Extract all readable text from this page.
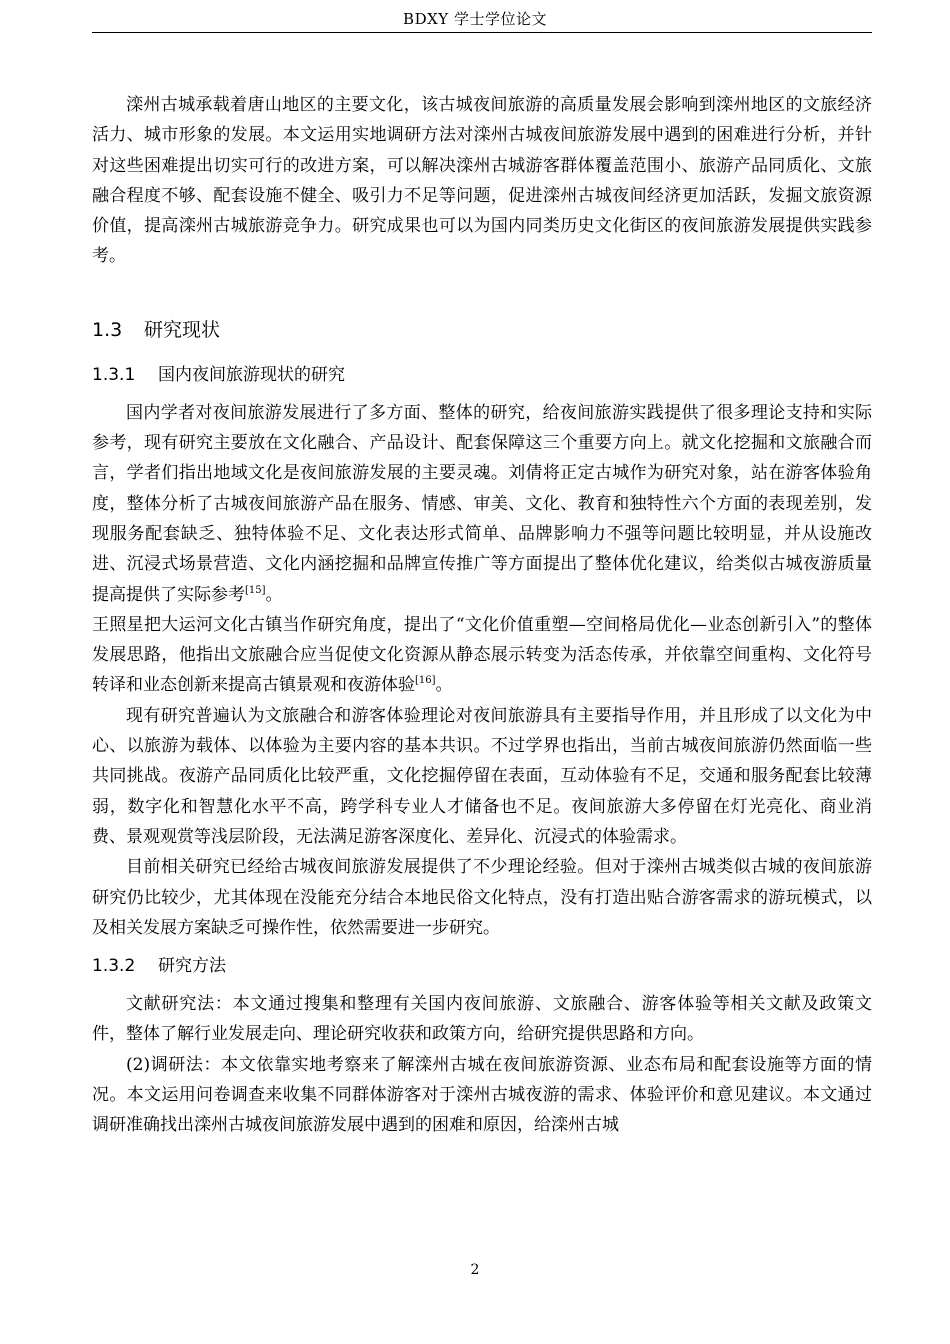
BDXY 学士学位论文

滦州古城承载着唐山地区的主要文化，该古城夜间旅游的高质量发展会影响到滦州地区的文旅经济活力、城市形象的发展。本文运用实地调研方法对滦州古城夜间旅游发展中遇到的困难进行分析，并针对这些困难提出切实可行的改进方案，可以解决滦州古城游客群体覆盖范围小、旅游产品同质化、文旅融合程度不够、配套设施不健全、吸引力不足等问题，促进滦州古城夜间经济更加活跃，发掘文旅资源价值，提高滦州古城旅游竞争力。研究成果也可以为国内同类历史文化街区的夜间旅游发展提供实践参考。

1.3 研究现状
1.3.1 国内夜间旅游现状的研究

国内学者对夜间旅游发展进行了多方面、整体的研究，给夜间旅游实践提供了很多理论支持和实际参考，现有研究主要放在文化融合、产品设计、配套保障这三个重要方向上。就文化挖掘和文旅融合而言，学者们指出地域文化是夜间旅游发展的主要灵魂。刘倩将正定古城作为研究对象，站在游客体验角度，整体分析了古城夜间旅游产品在服务、情感、审美、文化、教育和独特性六个方面的表现差别，发现服务配套缺乏、独特体验不足、文化表达形式简单、品牌影响力不强等问题比较明显，并从设施改进、沉浸式场景营造、文化内涵挖掘和品牌宣传推广等方面提出了整体优化建议，给类似古城夜游质量提高提供了实际参考[15]。

王照星把大运河文化古镇当作研究角度，提出了“文化价值重塑—空间格局优化—业态创新引入”的整体发展思路，他指出文旅融合应当促使文化资源从静态展示转变为活态传承，并依靠空间重构、文化符号转译和业态创新来提高古镇景观和夜游体验[16]。

现有研究普遍认为文旅融合和游客体验理论对夜间旅游具有主要指导作用，并且形成了以文化为中心、以旅游为载体、以体验为主要内容的基本共识。不过学界也指出，当前古城夜间旅游仍然面临一些共同挑战。夜游产品同质化比较严重，文化挖掘停留在表面，互动体验有不足，交通和服务配套比较薄弱，数字化和智慧化水平不高，跨学科专业人才储备也不足。夜间旅游大多停留在灯光亮化、商业消费、景观观赏等浅层阶段，无法满足游客深度化、差异化、沉浸式的体验需求。

目前相关研究已经给古城夜间旅游发展提供了不少理论经验。但对于滦州古城类似古城的夜间旅游研究仍比较少，尤其体现在没能充分结合本地民俗文化特点，没有打造出贴合游客需求的游玩模式，以及相关发展方案缺乏可操作性，依然需要进一步研究。

1.3.2 研究方法

文献研究法：本文通过搜集和整理有关国内夜间旅游、文旅融合、游客体验等相关文献及政策文件，整体了解行业发展走向、理论研究收获和政策方向，给研究提供思路和方向。

(2)调研法：本文依靠实地考察来了解滦州古城在夜间旅游资源、业态布局和配套设施等方面的情况。本文运用问卷调查来收集不同群体游客对于滦州古城夜游的需求、体验评价和意见建议。本文通过调研准确找出滦州古城夜间旅游发展中遇到的困难和原因，给滦州古城

2
